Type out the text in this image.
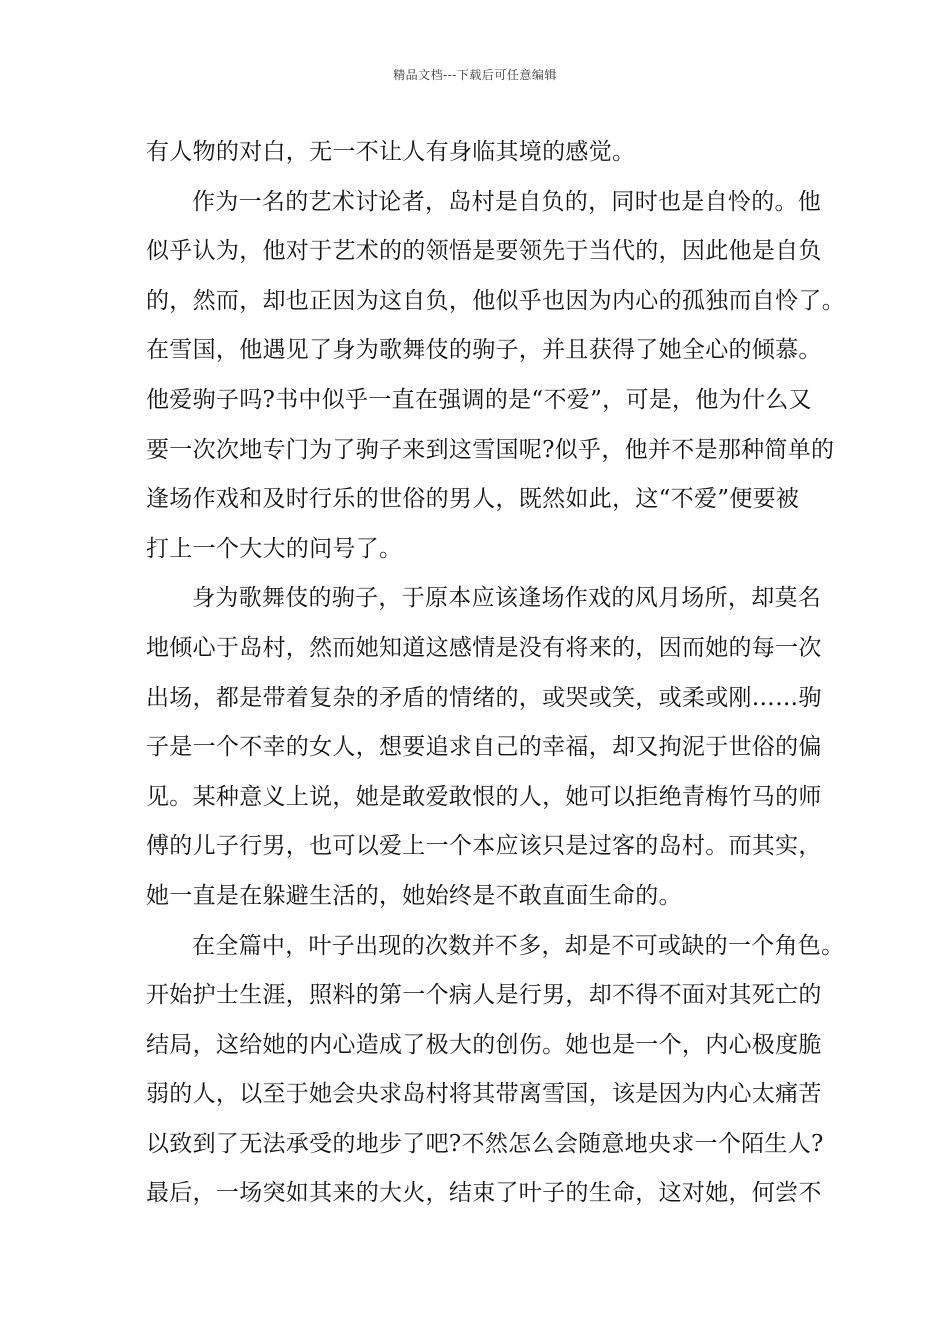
精品文档---下载后可任意编辑
有人物的对白，无一不让人有身临其境的感觉。
作为一名的艺术讨论者，岛村是自负的，同时也是自怜的。他
似乎认为，他对于艺术的的领悟是要领先于当代的，因此他是自负
的，然而，却也正因为这自负，他似乎也因为内心的孤独而自怜了。
在雪国，他遇见了身为歌舞伎的驹子，并且获得了她全心的倾慕。
他爱驹子吗?书中似乎一直在强调的是“不爱”，可是，他为什么又
要一次次地专门为了驹子来到这雪国呢?似乎，他并不是那种简单的
逢场作戏和及时行乐的世俗的男人，既然如此，这“不爱”便要被
打上一个大大的问号了。
身为歌舞伎的驹子，于原本应该逢场作戏的风月场所，却莫名
地倾心于岛村，然而她知道这感情是没有将来的，因而她的每一次
出场，都是带着复杂的矛盾的情绪的，或哭或笑，或柔或刚……驹
子是一个不幸的女人，想要追求自己的幸福，却又拘泥于世俗的偏
见。某种意义上说，她是敢爱敢恨的人，她可以拒绝青梅竹马的师
傅的儿子行男，也可以爱上一个本应该只是过客的岛村。而其实，
她一直是在躲避生活的，她始终是不敢直面生命的。
在全篇中，叶子出现的次数并不多，却是不可或缺的一个角色。
开始护士生涯，照料的第一个病人是行男，却不得不面对其死亡的
结局，这给她的内心造成了极大的创伤。她也是一个，内心极度脆
弱的人，以至于她会央求岛村将其带离雪国，该是因为内心太痛苦
以致到了无法承受的地步了吧?不然怎么会随意地央求一个陌生人?
最后，一场突如其来的大火，结束了叶子的生命，这对她，何尝不
